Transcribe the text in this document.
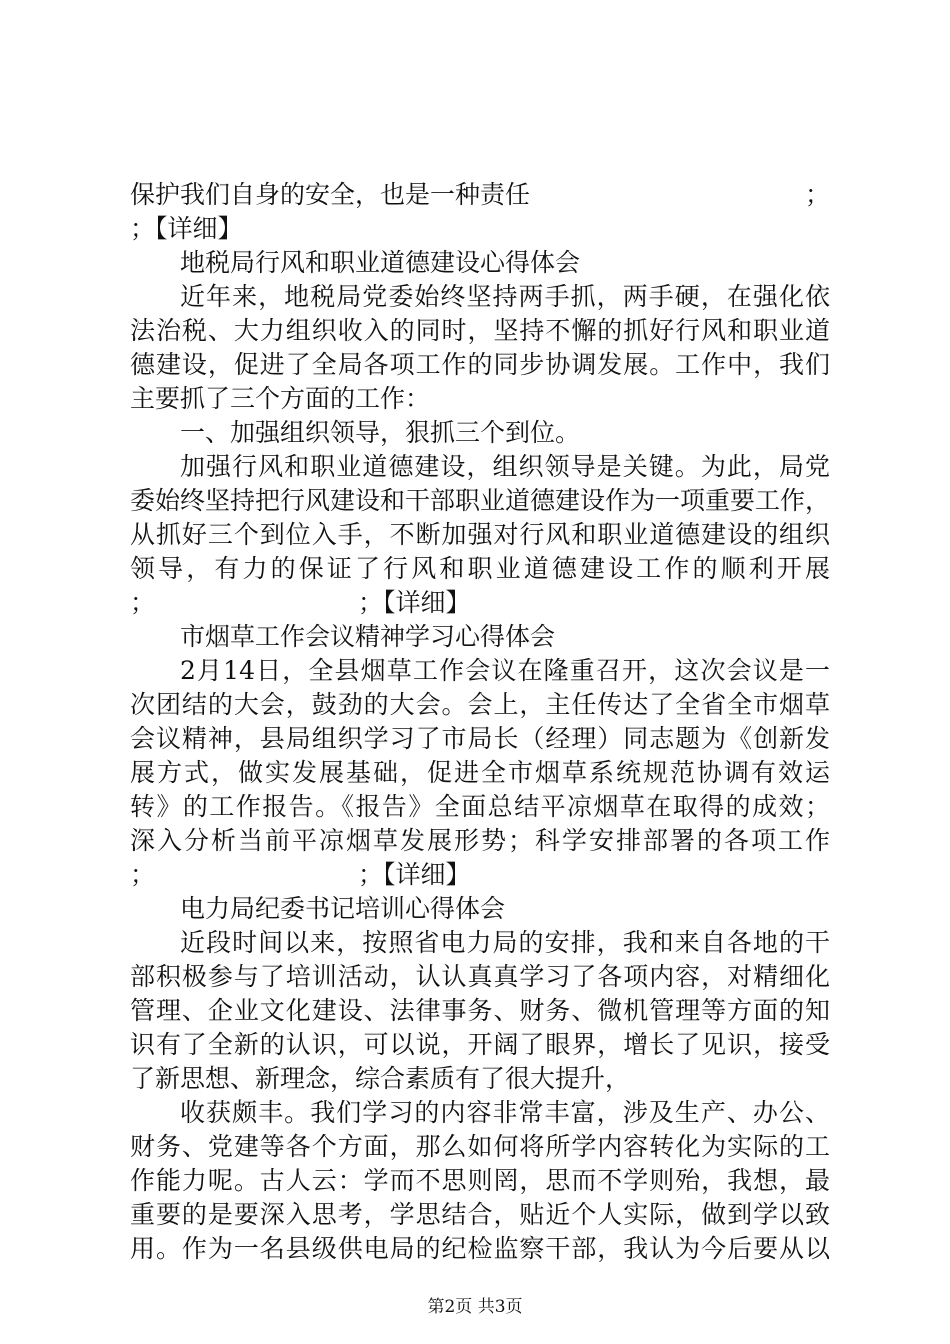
保护我们自身的安全，也是一种责任	；
；【详细】
地税局行风和职业道德建设心得体会
近年来，地税局党委始终坚持两手抓，两手硬，在强化依
法治税、大力组织收入的同时，坚持不懈的抓好行风和职业道
德建设，促进了全局各项工作的同步协调发展。工作中，我们
主要抓了三个方面的工作：
一、加强组织领导，狠抓三个到位。
加强行风和职业道德建设，组织领导是关键。为此，局党
委始终坚持把行风建设和干部职业道德建设作为一项重要工作，
从抓好三个到位入手，不断加强对行风和职业道德建设的组织
领导，有力的保证了行风和职业道德建设工作的顺利开展
；	；【详细】
市烟草工作会议精神学习心得体会
2月14日，全县烟草工作会议在隆重召开，这次会议是一
次团结的大会，鼓劲的大会。会上，主任传达了全省全市烟草
会议精神，县局组织学习了市局长（经理）同志题为《创新发
展方式，做实发展基础，促进全市烟草系统规范协调有效运
转》的工作报告。《报告》全面总结平凉烟草在取得的成效；
深入分析当前平凉烟草发展形势；科学安排部署的各项工作
；	；【详细】
电力局纪委书记培训心得体会
近段时间以来，按照省电力局的安排，我和来自各地的干
部积极参与了培训活动，认认真真学习了各项内容，对精细化
管理、企业文化建设、法律事务、财务、微机管理等方面的知
识有了全新的认识，可以说，开阔了眼界，增长了见识，接受
了新思想、新理念，综合素质有了很大提升，
收获颇丰。我们学习的内容非常丰富，涉及生产、办公、
财务、党建等各个方面，那么如何将所学内容转化为实际的工
作能力呢。古人云：学而不思则罔，思而不学则殆，我想，最
重要的是要深入思考，学思结合，贴近个人实际，做到学以致
用。作为一名县级供电局的纪检监察干部，我认为今后要从以
第2页 共3页
